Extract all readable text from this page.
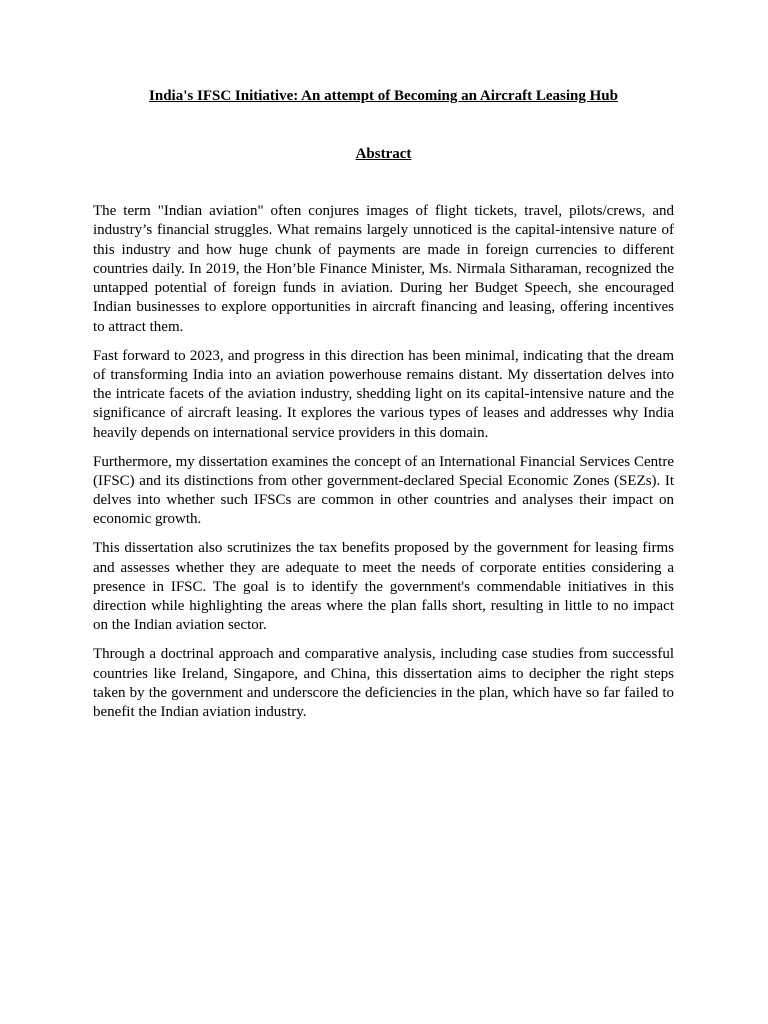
India's IFSC Initiative: An attempt of Becoming an Aircraft Leasing Hub
Abstract

The term "Indian aviation" often conjures images of flight tickets, travel, pilots/crews, and industry’s financial struggles. What remains largely unnoticed is the capital-intensive nature of this industry and how huge chunk of payments are made in foreign currencies to different countries daily. In 2019, the Hon’ble Finance Minister, Ms. Nirmala Sitharaman, recognized the untapped potential of foreign funds in aviation. During her Budget Speech, she encouraged Indian businesses to explore opportunities in aircraft financing and leasing, offering incentives to attract them.

Fast forward to 2023, and progress in this direction has been minimal, indicating that the dream of transforming India into an aviation powerhouse remains distant. My dissertation delves into the intricate facets of the aviation industry, shedding light on its capital-intensive nature and the significance of aircraft leasing. It explores the various types of leases and addresses why India heavily depends on international service providers in this domain.

Furthermore, my dissertation examines the concept of an International Financial Services Centre (IFSC) and its distinctions from other government-declared Special Economic Zones (SEZs). It delves into whether such IFSCs are common in other countries and analyses their impact on economic growth.

This dissertation also scrutinizes the tax benefits proposed by the government for leasing firms and assesses whether they are adequate to meet the needs of corporate entities considering a presence in IFSC. The goal is to identify the government's commendable initiatives in this direction while highlighting the areas where the plan falls short, resulting in little to no impact on the Indian aviation sector.

Through a doctrinal approach and comparative analysis, including case studies from successful countries like Ireland, Singapore, and China, this dissertation aims to decipher the right steps taken by the government and underscore the deficiencies in the plan, which have so far failed to benefit the Indian aviation industry.
